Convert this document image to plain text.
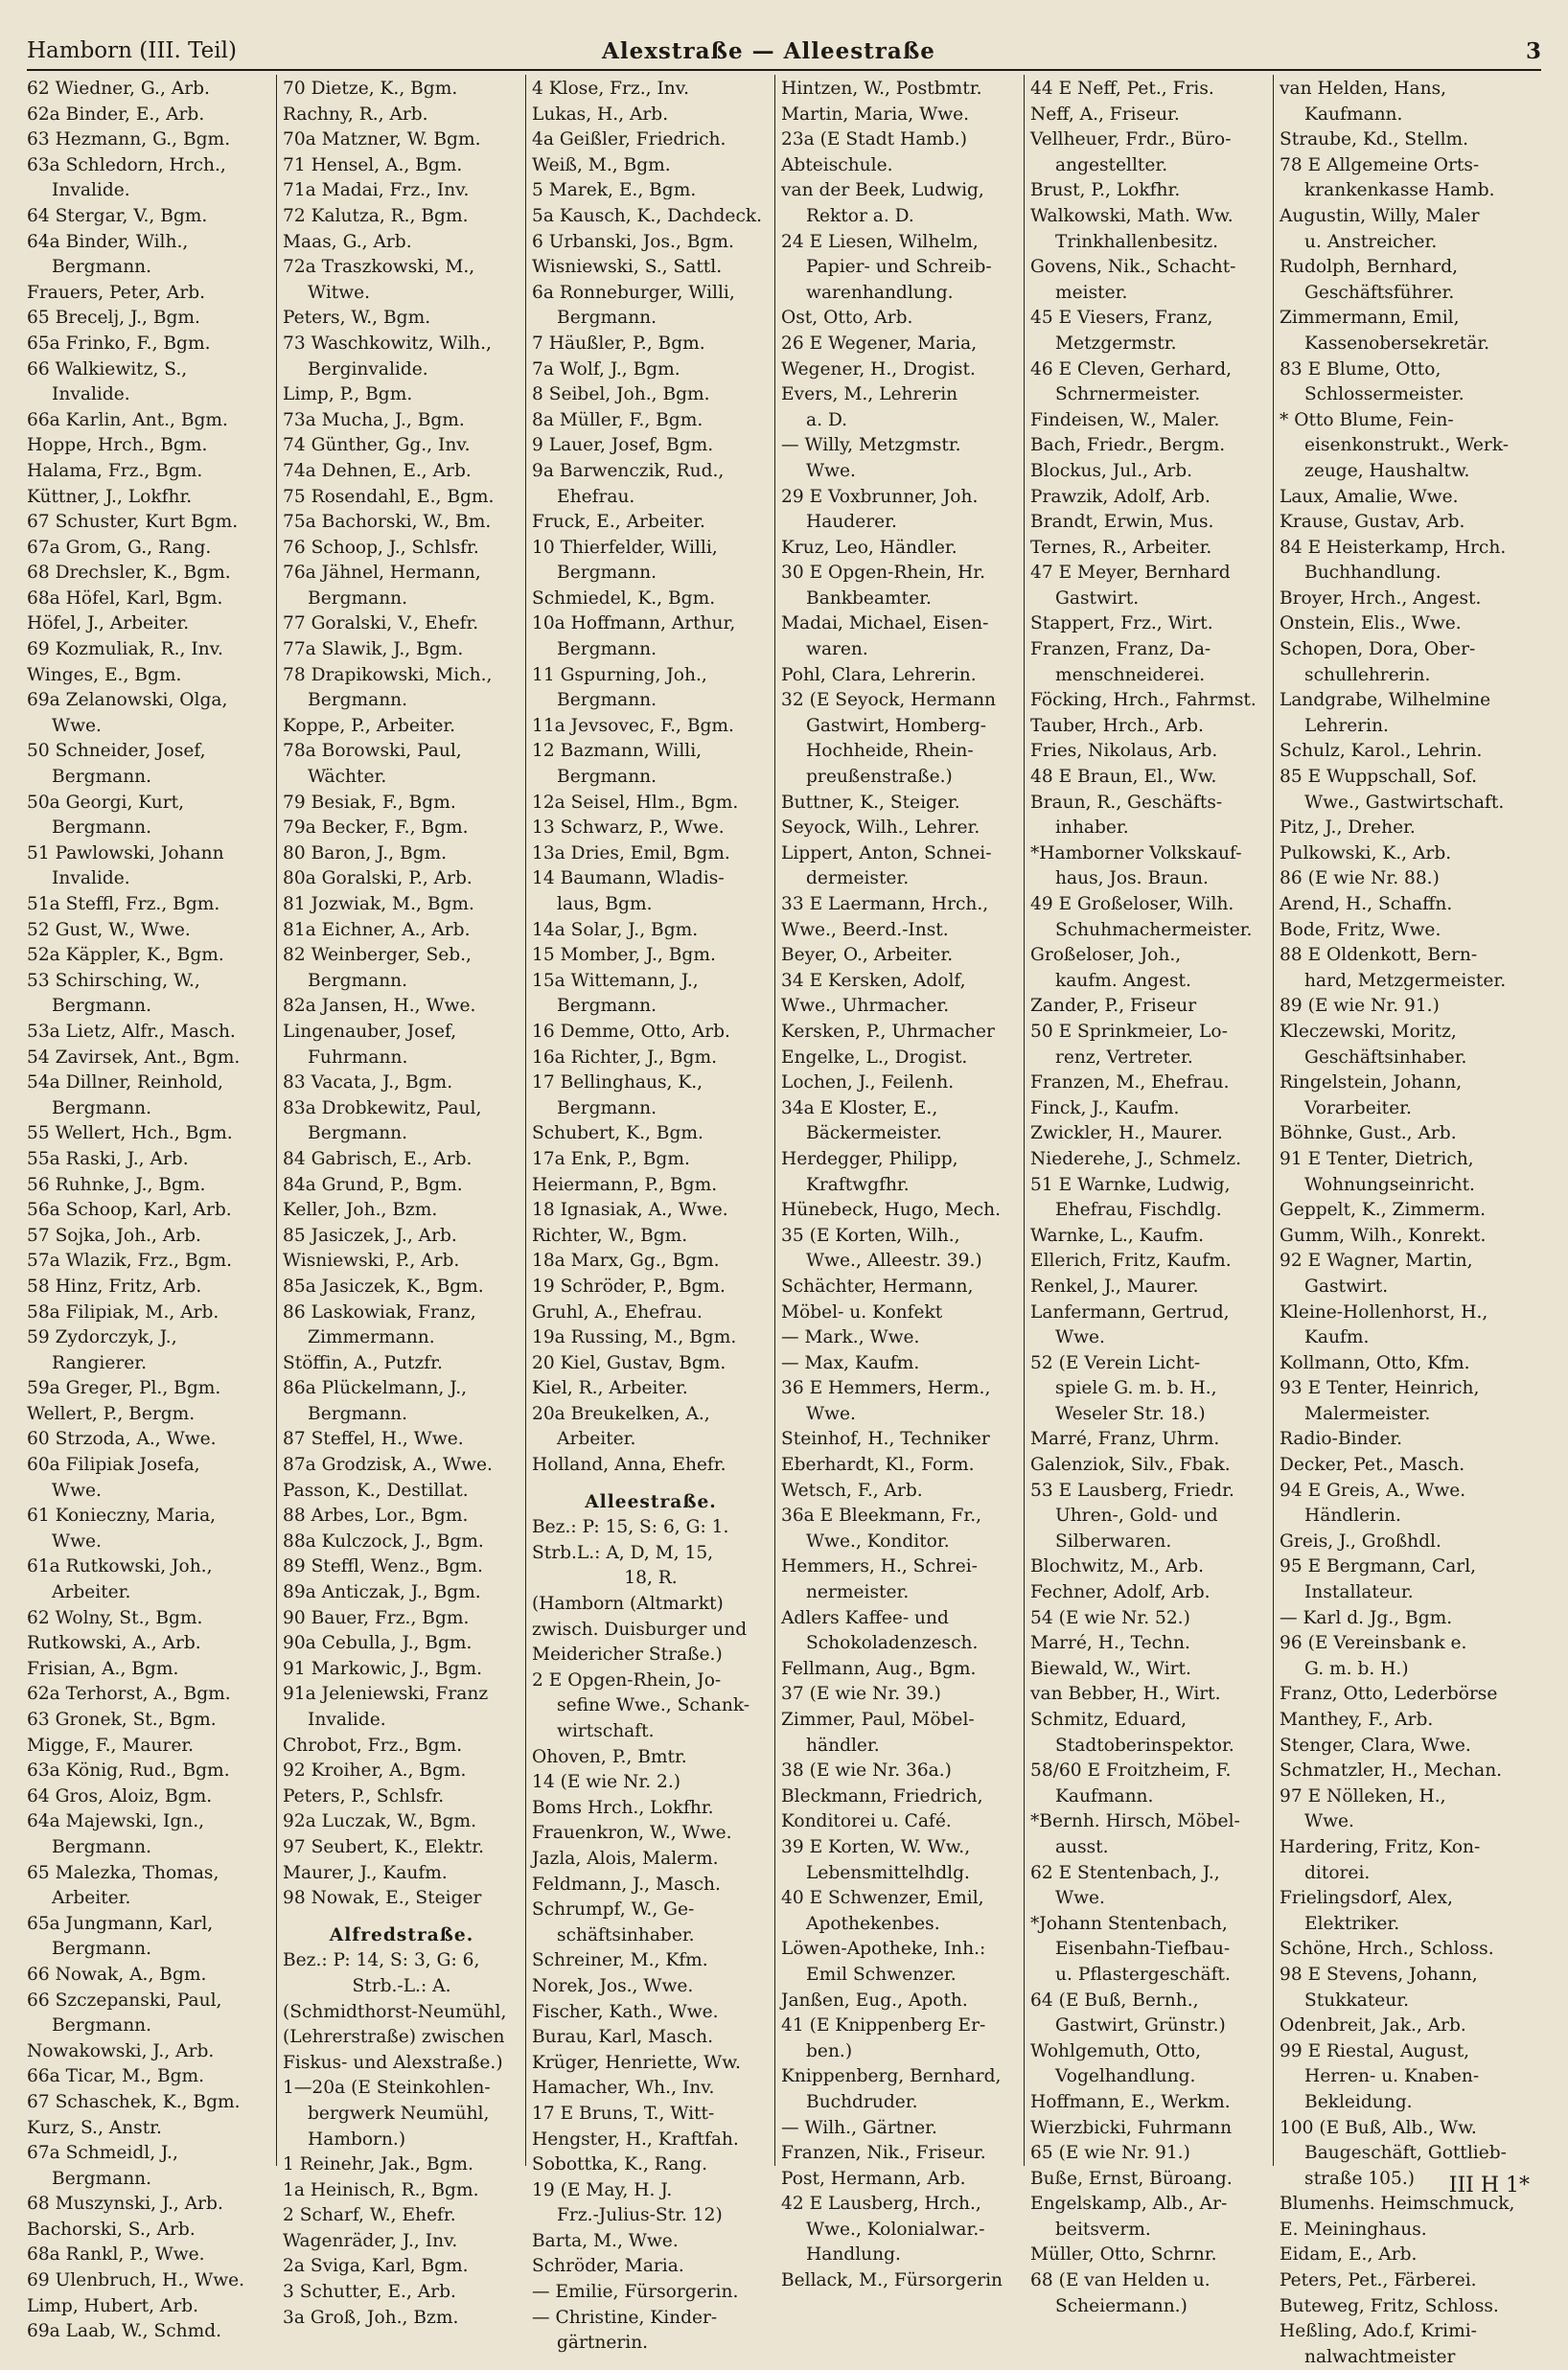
Hamborn (III. Teil)	Alexstraße — Alleestraße	3
62 Wiedner, G., Arb.
62a Binder, E., Arb.
63 Hezmann, G., Bgm.
63a Schledorn, Hrch.,
Invalide.
64 Stergar, V., Bgm.
64a Binder, Wilh.,
Bergmann.
Frauers, Peter, Arb.
65 Brecelj, J., Bgm.
65a Frinko, F., Bgm.
66 Walkiewitz, S.,
Invalide.
66a Karlin, Ant., Bgm.
Hoppe, Hrch., Bgm.
Halama, Frz., Bgm.
Küttner, J., Lokfhr.
67 Schuster, Kurt Bgm.
67a Grom, G., Rang.
68 Drechsler, K., Bgm.
68a Höfel, Karl, Bgm.
Höfel, J., Arbeiter.
69 Kozmuliak, R., Inv.
Winges, E., Bgm.
69a Zelanowski, Olga,
Wwe.
50 Schneider, Josef,
Bergmann.
50a Georgi, Kurt,
Bergmann.
51 Pawlowski, Johann
Invalide.
51a Steffl, Frz., Bgm.
52 Gust, W., Wwe.
52a Käppler, K., Bgm.
53 Schirsching, W.,
Bergmann.
53a Lietz, Alfr., Masch.
54 Zavirsek, Ant., Bgm.
54a Dillner, Reinhold,
Bergmann.
55 Wellert, Hch., Bgm.
55a Raski, J., Arb.
56 Ruhnke, J., Bgm.
56a Schoop, Karl, Arb.
57 Sojka, Joh., Arb.
57a Wlazik, Frz., Bgm.
58 Hinz, Fritz, Arb.
58a Filipiak, M., Arb.
59 Zydorczyk, J.,
Rangierer.
59a Greger, Pl., Bgm.
Wellert, P., Bergm.
60 Strzoda, A., Wwe.
60a Filipiak Josefa,
Wwe.
61 Konieczny, Maria,
Wwe.
61a Rutkowski, Joh.,
Arbeiter.
62 Wolny, St., Bgm.
Rutkowski, A., Arb.
Frisian, A., Bgm.
62a Terhorst, A., Bgm.
63 Gronek, St., Bgm.
Migge, F., Maurer.
63a König, Rud., Bgm.
64 Gros, Aloiz, Bgm.
64a Majewski, Ign.,
Bergmann.
65 Malezka, Thomas,
Arbeiter.
65a Jungmann, Karl,
Bergmann.
66 Nowak, A., Bgm.
66 Szczepanski, Paul,
Bergmann.
Nowakowski, J., Arb.
66a Ticar, M., Bgm.
67 Schaschek, K., Bgm.
Kurz, S., Anstr.
67a Schmeidl, J.,
Bergmann.
68 Muszynski, J., Arb.
Bachorski, S., Arb.
68a Rankl, P., Wwe.
69 Ulenbruch, H., Wwe.
Limp, Hubert, Arb.
69a Laab, W., Schmd.
70 Dietze, K., Bgm.
Rachny, R., Arb.
70a Matzner, W. Bgm.
71 Hensel, A., Bgm.
71a Madai, Frz., Inv.
72 Kalutza, R., Bgm.
Maas, G., Arb.
72a Traszkowski, M.,
Witwe.
Peters, W., Bgm.
73 Waschkowitz, Wilh.,
Berginvalide.
Limp, P., Bgm.
73a Mucha, J., Bgm.
74 Günther, Gg., Inv.
74a Dehnen, E., Arb.
75 Rosendahl, E., Bgm.
75a Bachorski, W., Bm.
76 Schoop, J., Schlsfr.
76a Jähnel, Hermann,
Bergmann.
77 Goralski, V., Ehefr.
77a Slawik, J., Bgm.
78 Drapikowski, Mich.,
Bergmann.
Koppe, P., Arbeiter.
78a Borowski, Paul,
Wächter.
79 Besiak, F., Bgm.
79a Becker, F., Bgm.
80 Baron, J., Bgm.
80a Goralski, P., Arb.
81 Jozwiak, M., Bgm.
81a Eichner, A., Arb.
82 Weinberger, Seb.,
Bergmann.
82a Jansen, H., Wwe.
Lingenauber, Josef,
Fuhrmann.
83 Vacata, J., Bgm.
83a Drobkewitz, Paul,
Bergmann.
84 Gabrisch, E., Arb.
84a Grund, P., Bgm.
Keller, Joh., Bzm.
85 Jasiczek, J., Arb.
Wisniewski, P., Arb.
85a Jasiczek, K., Bgm.
86 Laskowiak, Franz,
Zimmermann.
Stöffin, A., Putzfr.
86a Plückelmann, J.,
Bergmann.
87 Steffel, H., Wwe.
87a Grodzisk, A., Wwe.
Passon, K., Destillat.
88 Arbes, Lor., Bgm.
88a Kulczock, J., Bgm.
89 Steffl, Wenz., Bgm.
89a Anticzak, J., Bgm.
90 Bauer, Frz., Bgm.
90a Cebulla, J., Bgm.
91 Markowic, J., Bgm.
91a Jeleniewski, Franz
Invalide.
Chrobot, Frz., Bgm.
92 Kroiher, A., Bgm.
Peters, P., Schlsfr.
92a Luczak, W., Bgm.
97 Seubert, K., Elektr.
Maurer, J., Kaufm.
98 Nowak, E., Steiger
Alfredstraße.
Bez.: P: 14, S: 3, G: 6,
Strb.-L.: A.
(Schmidthorst-Neumühl,
(Lehrerstraße) zwischen
Fiskus- und Alexstraße.)
1—20a (E Steinkohlen-
bergwerk Neumühl,
Hamborn.)
1 Reinehr, Jak., Bgm.
1a Heinisch, R., Bgm.
2 Scharf, W., Ehefr.
Wagenräder, J., Inv.
2a Sviga, Karl, Bgm.
3 Schutter, E., Arb.
3a Groß, Joh., Bzm.
4 Klose, Frz., Inv.
Lukas, H., Arb.
4a Geißler, Friedrich.
Weiß, M., Bgm.
5 Marek, E., Bgm.
5a Kausch, K., Dachdeck.
6 Urbanski, Jos., Bgm.
Wisniewski, S., Sattl.
6a Ronneburger, Willi,
Bergmann.
7 Häußler, P., Bgm.
7a Wolf, J., Bgm.
8 Seibel, Joh., Bgm.
8a Müller, F., Bgm.
9 Lauer, Josef, Bgm.
9a Barwenczik, Rud.,
Ehefrau.
Fruck, E., Arbeiter.
10 Thierfelder, Willi,
Bergmann.
Schmiedel, K., Bgm.
10a Hoffmann, Arthur,
Bergmann.
11 Gspurning, Joh.,
Bergmann.
11a Jevsovec, F., Bgm.
12 Bazmann, Willi,
Bergmann.
12a Seisel, Hlm., Bgm.
13 Schwarz, P., Wwe.
13a Dries, Emil, Bgm.
14 Baumann, Wladis-
laus, Bgm.
14a Solar, J., Bgm.
15 Momber, J., Bgm.
15a Wittemann, J.,
Bergmann.
16 Demme, Otto, Arb.
16a Richter, J., Bgm.
17 Bellinghaus, K.,
Bergmann.
Schubert, K., Bgm.
17a Enk, P., Bgm.
Heiermann, P., Bgm.
18 Ignasiak, A., Wwe.
Richter, W., Bgm.
18a Marx, Gg., Bgm.
19 Schröder, P., Bgm.
Gruhl, A., Ehefrau.
19a Russing, M., Bgm.
20 Kiel, Gustav, Bgm.
Kiel, R., Arbeiter.
20a Breukelken, A.,
Arbeiter.
Holland, Anna, Ehefr.
Alleestraße.
Bez.: P: 15, S: 6, G: 1.
Strb.L.: A, D, M, 15,
18, R.
(Hamborn (Altmarkt)
zwisch. Duisburger und
Meidericher Straße.)
2 E Opgen-Rhein, Jo-
sefine Wwe., Schank-
wirtschaft.
Ohoven, P., Bmtr.
14 (E wie Nr. 2.)
Boms Hrch., Lokfhr.
Frauenkron, W., Wwe.
Jazla, Alois, Malerm.
Feldmann, J., Masch.
Schrumpf, W., Ge-
schäftsinhaber.
Schreiner, M., Kfm.
Norek, Jos., Wwe.
Fischer, Kath., Wwe.
Burau, Karl, Masch.
Krüger, Henriette, Ww.
Hamacher, Wh., Inv.
17 E Bruns, T., Witt-
Hengster, H., Kraftfah.
Sobottka, K., Rang.
19 (E May, H. J.
Frz.-Julius-Str. 12)
Barta, M., Wwe.
Schröder, Maria.
— Emilie, Fürsorgerin.
— Christine, Kinder-
gärtnerin.
Hintzen, W., Postbmtr.
Martin, Maria, Wwe.
23a (E Stadt Hamb.)
Abteischule.
van der Beek, Ludwig,
Rektor a. D.
24 E Liesen, Wilhelm,
Papier- und Schreib-
warenhandlung.
Ost, Otto, Arb.
26 E Wegener, Maria,
Wegener, H., Drogist.
Evers, M., Lehrerin
a. D.
— Willy, Metzgmstr.
Wwe.
29 E Voxbrunner, Joh.
Hauderer.
Kruz, Leo, Händler.
30 E Opgen-Rhein, Hr.
Bankbeamter.
Madai, Michael, Eisen-
waren.
Pohl, Clara, Lehrerin.
32 (E Seyock, Hermann
Gastwirt, Homberg-
Hochheide, Rhein-
preußenstraße.)
Buttner, K., Steiger.
Seyock, Wilh., Lehrer.
Lippert, Anton, Schnei-
dermeister.
33 E Laermann, Hrch.,
Wwe., Beerd.-Inst.
Beyer, O., Arbeiter.
34 E Kersken, Adolf,
Wwe., Uhrmacher.
Kersken, P., Uhrmacher
Engelke, L., Drogist.
Lochen, J., Feilenh.
34a E Kloster, E.,
Bäckermeister.
Herdegger, Philipp,
Kraftwgfhr.
Hünebeck, Hugo, Mech.
35 (E Korten, Wilh.,
Wwe., Alleestr. 39.)
Schächter, Hermann,
Möbel- u. Konfekt
— Mark., Wwe.
— Max, Kaufm.
36 E Hemmers, Herm.,
Wwe.
Steinhof, H., Techniker
Eberhardt, Kl., Form.
Wetsch, F., Arb.
36a E Bleekmann, Fr.,
Wwe., Konditor.
Hemmers, H., Schrei-
nermeister.
Adlers Kaffee- und
Schokoladenzesch.
Fellmann, Aug., Bgm.
37 (E wie Nr. 39.)
Zimmer, Paul, Möbel-
händler.
38 (E wie Nr. 36a.)
Bleckmann, Friedrich,
Konditorei u. Café.
39 E Korten, W. Ww.,
Lebensmittelhdlg.
40 E Schwenzer, Emil,
Apothekenbes.
Löwen-Apotheke, Inh.:
Emil Schwenzer.
Janßen, Eug., Apoth.
41 (E Knippenberg Er-
ben.)
Knippenberg, Bernhard,
Buchdruder.
— Wilh., Gärtner.
Franzen, Nik., Friseur.
Post, Hermann, Arb.
42 E Lausberg, Hrch.,
Wwe., Kolonialwar.-
Handlung.
Bellack, M., Fürsorgerin
44 E Neff, Pet., Fris.
Neff, A., Friseur.
Vellheuer, Frdr., Büro-
angestellter.
Brust, P., Lokfhr.
Walkowski, Math. Ww.
Trinkhallenbesitz.
Govens, Nik., Schacht-
meister.
45 E Viesers, Franz,
Metzgermstr.
46 E Cleven, Gerhard,
Schrnermeister.
Findeisen, W., Maler.
Bach, Friedr., Bergm.
Blockus, Jul., Arb.
Prawzik, Adolf, Arb.
Brandt, Erwin, Mus.
Ternes, R., Arbeiter.
47 E Meyer, Bernhard
Gastwirt.
Stappert, Frz., Wirt.
Franzen, Franz, Da-
menschneiderei.
Föcking, Hrch., Fahrmst.
Tauber, Hrch., Arb.
Fries, Nikolaus, Arb.
48 E Braun, El., Ww.
Braun, R., Geschäfts-
inhaber.
*Hamborner Volkskauf-
haus, Jos. Braun.
49 E Großeloser, Wilh.
Schuhmachermeister.
Großeloser, Joh.,
kaufm. Angest.
Zander, P., Friseur
50 E Sprinkmeier, Lo-
renz, Vertreter.
Franzen, M., Ehefrau.
Finck, J., Kaufm.
Zwickler, H., Maurer.
Niederehe, J., Schmelz.
51 E Warnke, Ludwig,
Ehefrau, Fischdlg.
Warnke, L., Kaufm.
Ellerich, Fritz, Kaufm.
Renkel, J., Maurer.
Lanfermann, Gertrud,
Wwe.
52 (E Verein Licht-
spiele G. m. b. H.,
Weseler Str. 18.)
Marré, Franz, Uhrm.
Galenziok, Silv., Fbak.
53 E Lausberg, Friedr.
Uhren-, Gold- und
Silberwaren.
Blochwitz, M., Arb.
Fechner, Adolf, Arb.
54 (E wie Nr. 52.)
Marré, H., Techn.
Biewald, W., Wirt.
van Bebber, H., Wirt.
Schmitz, Eduard,
Stadtoberinspektor.
58/60 E Froitzheim, F.
Kaufmann.
*Bernh. Hirsch, Möbel-
ausst.
62 E Stentenbach, J.,
Wwe.
*Johann Stentenbach,
Eisenbahn-Tiefbau-
u. Pflastergeschäft.
64 (E Buß, Bernh.,
Gastwirt, Grünstr.)
Wohlgemuth, Otto,
Vogelhandlung.
Hoffmann, E., Werkm.
Wierzbicki, Fuhrmann
65 (E wie Nr. 91.)
Buße, Ernst, Büroang.
Engelskamp, Alb., Ar-
beitsverm.
Müller, Otto, Schrnr.
68 (E van Helden u.
Scheiermann.)
van Helden, Hans,
Kaufmann.
Straube, Kd., Stellm.
78 E Allgemeine Orts-
krankenkasse Hamb.
Augustin, Willy, Maler
u. Anstreicher.
Rudolph, Bernhard,
Geschäftsführer.
Zimmermann, Emil,
Kassenobersekretär.
83 E Blume, Otto,
Schlossermeister.
* Otto Blume, Fein-
eisenkonstrukt., Werk-
zeuge, Haushaltw.
Laux, Amalie, Wwe.
Krause, Gustav, Arb.
84 E Heisterkamp, Hrch.
Buchhandlung.
Broyer, Hrch., Angest.
Onstein, Elis., Wwe.
Schopen, Dora, Ober-
schullehrerin.
Landgrabe, Wilhelmine
Lehrerin.
Schulz, Karol., Lehrin.
85 E Wuppschall, Sof.
Wwe., Gastwirtschaft.
Pitz, J., Dreher.
Pulkowski, K., Arb.
86 (E wie Nr. 88.)
Arend, H., Schaffn.
Bode, Fritz, Wwe.
88 E Oldenkott, Bern-
hard, Metzgermeister.
89 (E wie Nr. 91.)
Kleczewski, Moritz,
Geschäftsinhaber.
Ringelstein, Johann,
Vorarbeiter.
Böhnke, Gust., Arb.
91 E Tenter, Dietrich,
Wohnungseinricht.
Geppelt, K., Zimmerm.
Gumm, Wilh., Konrekt.
92 E Wagner, Martin,
Gastwirt.
Kleine-Hollenhorst, H.,
Kaufm.
Kollmann, Otto, Kfm.
93 E Tenter, Heinrich,
Malermeister.
Radio-Binder.
Decker, Pet., Masch.
94 E Greis, A., Wwe.
Händlerin.
Greis, J., Großhdl.
95 E Bergmann, Carl,
Installateur.
— Karl d. Jg., Bgm.
96 (E Vereinsbank e.
G. m. b. H.)
Franz, Otto, Lederbörse
Manthey, F., Arb.
Stenger, Clara, Wwe.
Schmatzler, H., Mechan.
97 E Nölleken, H.,
Wwe.
Hardering, Fritz, Kon-
ditorei.
Frielingsdorf, Alex,
Elektriker.
Schöne, Hrch., Schloss.
98 E Stevens, Johann,
Stukkateur.
Odenbreit, Jak., Arb.
99 E Riestal, August,
Herren- u. Knaben-
Bekleidung.
100 (E Buß, Alb., Ww.
Baugeschäft, Gottlieb-
straße 105.)
Blumenhs. Heimschmuck,
E. Meininghaus.
Eidam, E., Arb.
Peters, Pet., Färberei.
Buteweg, Fritz, Schloss.
Heßling, Ado.f, Krimi-
nalwachtmeister
III H 1*
